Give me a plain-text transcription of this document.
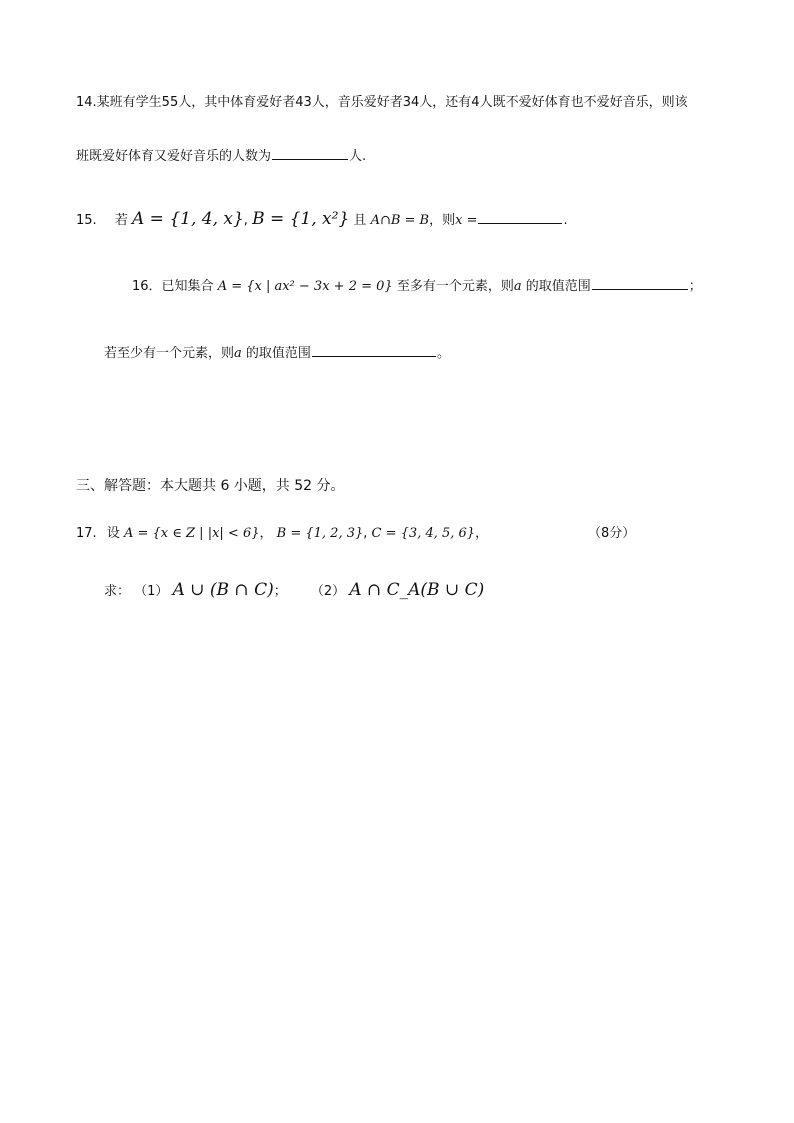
14.某班有学生55人，其中体育爱好者43人，音乐爱好者34人，还有4人既不爱好体育也不爱好音乐，则该
班既爱好体育又爱好音乐的人数为	人.
15. 若 A = {1, 4, x}, B = {1, x²} 且 A∩B = B，则x =	.
16．已知集合 A = {x | ax² − 3x + 2 = 0} 至多有一个元素，则a 的取值范围	；
若至少有一个元素，则a 的取值范围	。
三、解答题：本大题共 6 小题，共 52 分。
17. 设 A = {x ∈ Z | |x| < 6}， B = {1, 2, 3}, C = {3, 4, 5, 6}，	（8分）
求： （1） A ∪ (B ∩ C)； （2） A ∩ C_A(B ∪ C)
